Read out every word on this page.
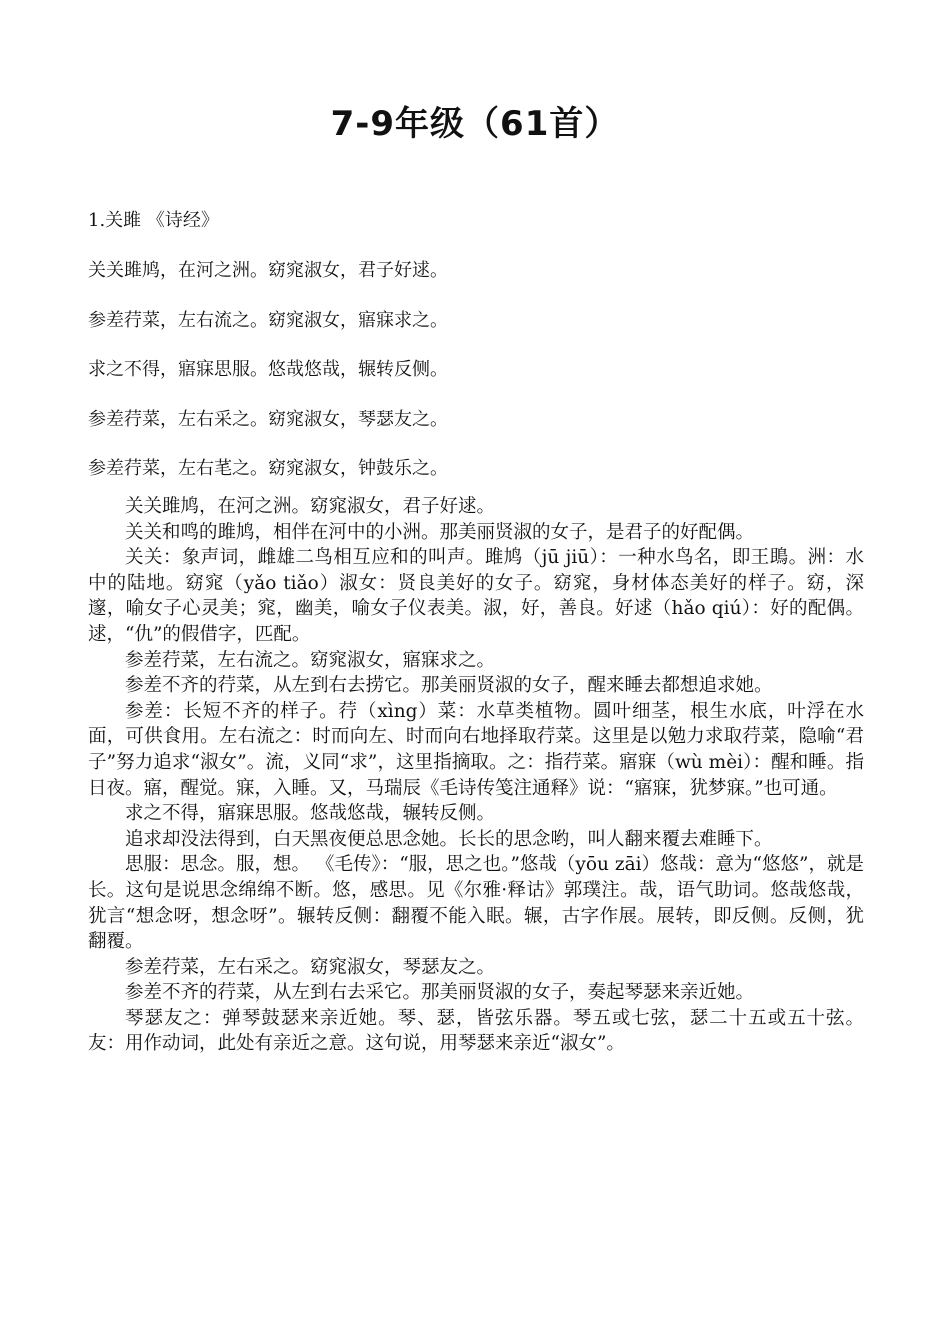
7-9年级（61首）
1.关雎 《诗经》
关关雎鸠，在河之洲。窈窕淑女，君子好逑。
参差荇菜，左右流之。窈窕淑女，寤寐求之。
求之不得，寤寐思服。悠哉悠哉，辗转反侧。
参差荇菜，左右采之。窈窕淑女，琴瑟友之。
参差荇菜，左右芼之。窈窕淑女，钟鼓乐之。

关关雎鸠，在河之洲。窈窕淑女，君子好逑。

关关和鸣的雎鸠，相伴在河中的小洲。那美丽贤淑的女子，是君子的好配偶。

关关：象声词，雌雄二鸟相互应和的叫声。雎鸠（jū jiū）：一种水鸟名，即王鴡。洲：水中的陆地。窈窕（yǎo tiǎo）淑女：贤良美好的女子。窈窕，身材体态美好的样子。窈，深邃，喻女子心灵美；窕，幽美，喻女子仪表美。淑，好，善良。好逑（hǎo qiú）：好的配偶。逑，“仇”的假借字，匹配。

参差荇菜，左右流之。窈窕淑女，寤寐求之。

参差不齐的荇菜，从左到右去捞它。那美丽贤淑的女子，醒来睡去都想追求她。

参差：长短不齐的样子。荇（xìng）菜：水草类植物。圆叶细茎，根生水底，叶浮在水面，可供食用。左右流之：时而向左、时而向右地择取荇菜。这里是以勉力求取荇菜，隐喻“君子”努力追求“淑女”。流，义同“求”，这里指摘取。之：指荇菜。寤寐（wù mèi）：醒和睡。指日夜。寤，醒觉。寐，入睡。又，马瑞辰《毛诗传笺注通释》说：“寤寐，犹梦寐。”也可通。

求之不得，寤寐思服。悠哉悠哉，辗转反侧。

追求却没法得到，白天黑夜便总思念她。长长的思念哟，叫人翻来覆去难睡下。

思服：思念。服，想。 《毛传》：“服，思之也。”悠哉（yōu zāi）悠哉：意为“悠悠”，就是长。这句是说思念绵绵不断。悠，感思。见《尔雅·释诂》郭璞注。哉，语气助词。悠哉悠哉，犹言“想念呀，想念呀”。辗转反侧：翻覆不能入眠。辗，古字作展。展转，即反侧。反侧，犹翻覆。

参差荇菜，左右采之。窈窕淑女，琴瑟友之。

参差不齐的荇菜，从左到右去采它。那美丽贤淑的女子，奏起琴瑟来亲近她。

琴瑟友之：弹琴鼓瑟来亲近她。琴、瑟，皆弦乐器。琴五或七弦，瑟二十五或五十弦。友：用作动词，此处有亲近之意。这句说，用琴瑟来亲近“淑女”。
